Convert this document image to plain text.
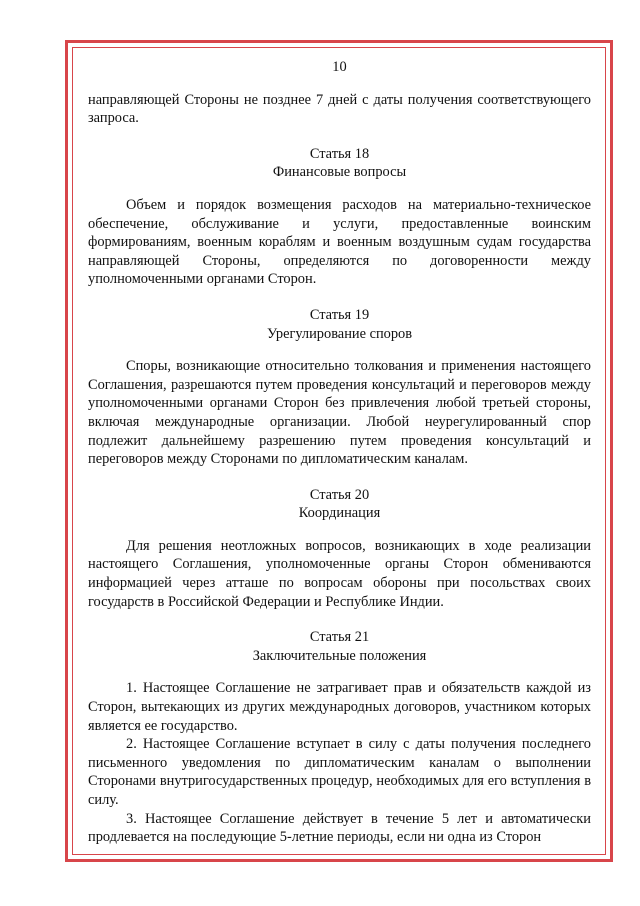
10

направляющей Стороны не позднее 7 дней с даты получения соответствующего запроса.

Статья 18

Финансовые вопросы

Объем и порядок возмещения расходов на материально-техническое обеспечение, обслуживание и услуги, предоставленные воинским формированиям, военным кораблям и военным воздушным судам государства направляющей Стороны, определяются по договоренности между уполномоченными органами Сторон.

Статья 19

Урегулирование споров

Споры, возникающие относительно толкования и применения настоящего Соглашения, разрешаются путем проведения консультаций и переговоров между уполномоченными органами Сторон без привлечения любой третьей стороны, включая международные организации. Любой неурегулированный спор подлежит дальнейшему разрешению путем проведения консультаций и переговоров между Сторонами по дипломатическим каналам.

Статья 20

Координация

Для решения неотложных вопросов, возникающих в ходе реализации настоящего Соглашения, уполномоченные органы Сторон обмениваются информацией через атташе по вопросам обороны при посольствах своих государств в Российской Федерации и Республике Индии.

Статья 21

Заключительные положения

1. Настоящее Соглашение не затрагивает прав и обязательств каждой из Сторон, вытекающих из других международных договоров, участником которых является ее государство.

2. Настоящее Соглашение вступает в силу с даты получения последнего письменного уведомления по дипломатическим каналам о выполнении Сторонами внутригосударственных процедур, необходимых для его вступления в силу.

3. Настоящее Соглашение действует в течение 5 лет и автоматически продлевается на последующие 5-летние периоды, если ни одна из Сторон
